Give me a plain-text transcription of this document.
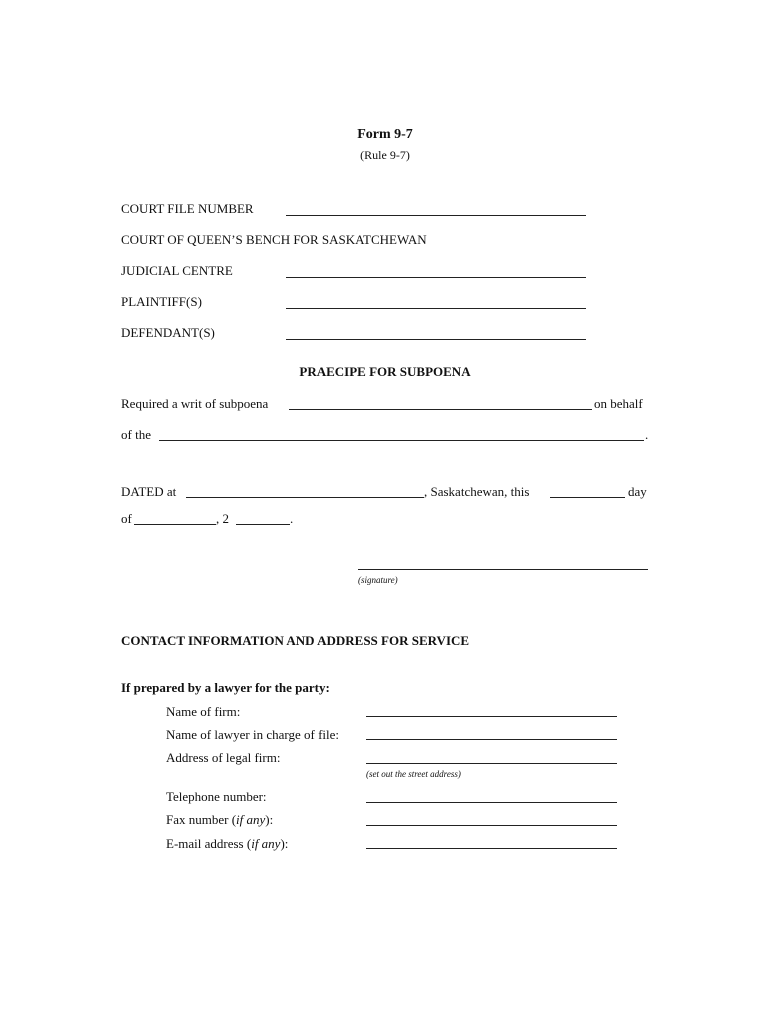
Form 9-7
(Rule 9-7)
COURT FILE NUMBER
COURT OF QUEEN’S BENCH FOR SASKATCHEWAN
JUDICIAL CENTRE
PLAINTIFF(S)
DEFENDANT(S)
PRAECIPE FOR SUBPOENA
Required a writ of subpoena	on behalf
of the	.
DATED at	, Saskatchewan, this	day
of	, 2	.
(signature)
CONTACT INFORMATION AND ADDRESS FOR SERVICE
If prepared by a lawyer for the party:
Name of firm:
Name of lawyer in charge of file:
Address of legal firm:
(set out the street address)
Telephone number:
Fax number (if any):
E-mail address (if any):
